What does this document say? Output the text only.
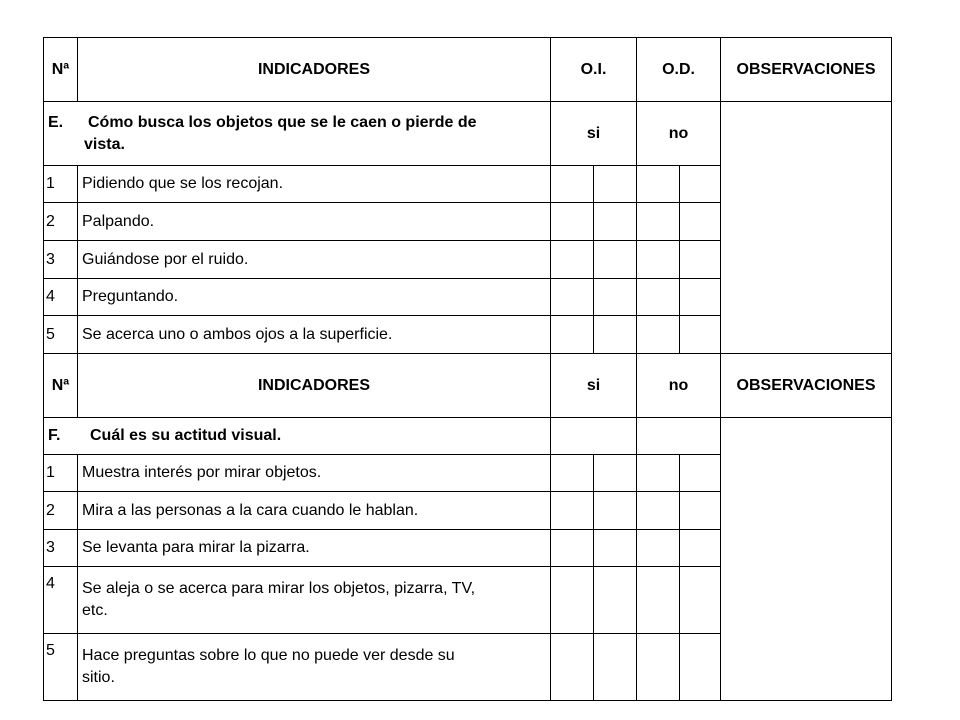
Nª	INDICADORES	O.I.		O.D.		OBSERVACIONES

E. Cómo busca los objetos que se le caen o pierde de
vista.		si		no		
1	Pidiendo que se los recojan.					
2	Palpando.					
3	Guiándose por el ruido.					
4	Preguntando.					
5	Se acerca uno o ambos ojos a la superficie.					
Nª	INDICADORES	si		no		OBSERVACIONES

F. Cuál es su actitud visual.						

1	Muestra interés por mirar objetos.					
2	Mira a las personas a la cara cuando le hablan.					
3	Se levanta para mirar la pizarra.					
4	Se aleja o se acerca para mirar los objetos, pizarra, TV,
etc.					

5	Hace preguntas sobre lo que no puede ver desde su
sitio.					
